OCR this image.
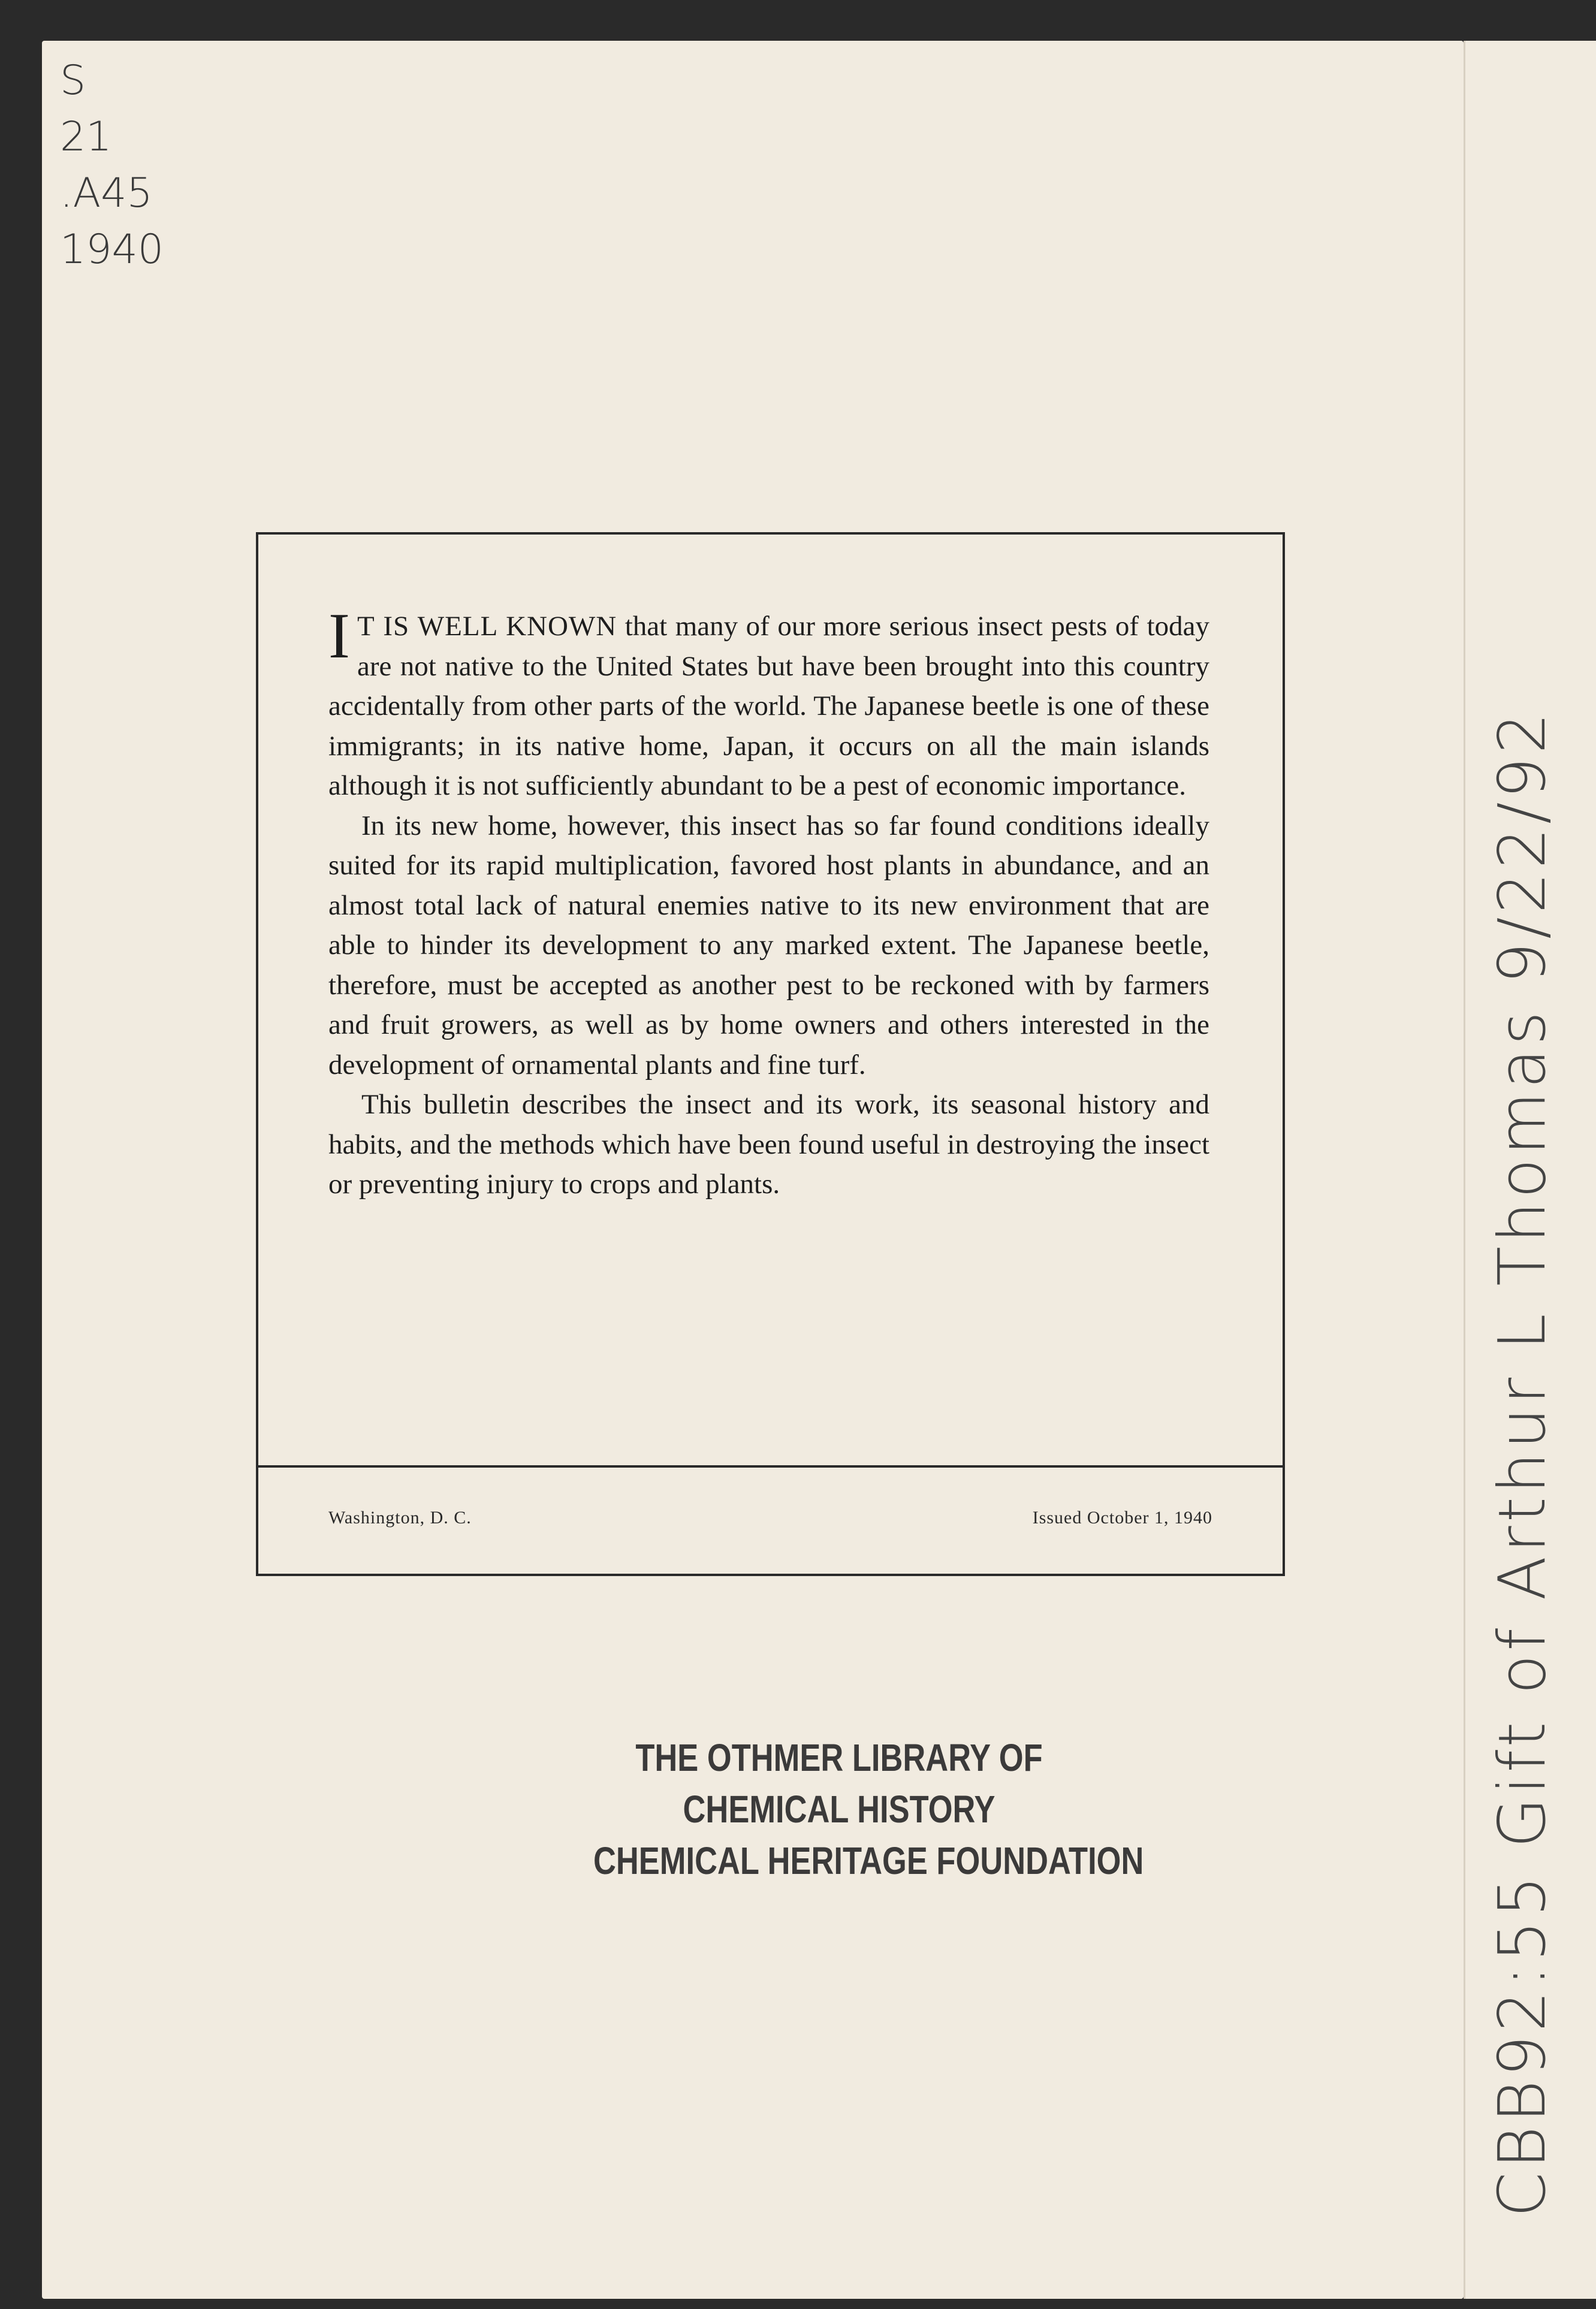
S
21
.A45
1940
CBB92:55 Gift of Arthur L Thomas 9/22/92

I T IS WELL KNOWN that many of our more serious insect pests of today are not native to the United States but have been brought into this country accidentally from other parts of the world. The Japanese beetle is one of these immigrants; in its native home, Japan, it occurs on all the main islands although it is not sufficiently abundant to be a pest of economic importance.

In its new home, however, this insect has so far found conditions ideally suited for its rapid multiplication, favored host plants in abundance, and an almost total lack of natural enemies native to its new environment that are able to hinder its development to any marked extent. The Japanese beetle, therefore, must be accepted as another pest to be reckoned with by farmers and fruit growers, as well as by home owners and others interested in the development of ornamental plants and fine turf.

This bulletin describes the insect and its work, its seasonal history and habits, and the methods which have been found useful in destroying the insect or preventing injury to crops and plants.

Washington, D. C.	Issued October 1, 1940
THE OTHMER LIBRARY OF
CHEMICAL HISTORY
CHEMICAL HERITAGE FOUNDATION
